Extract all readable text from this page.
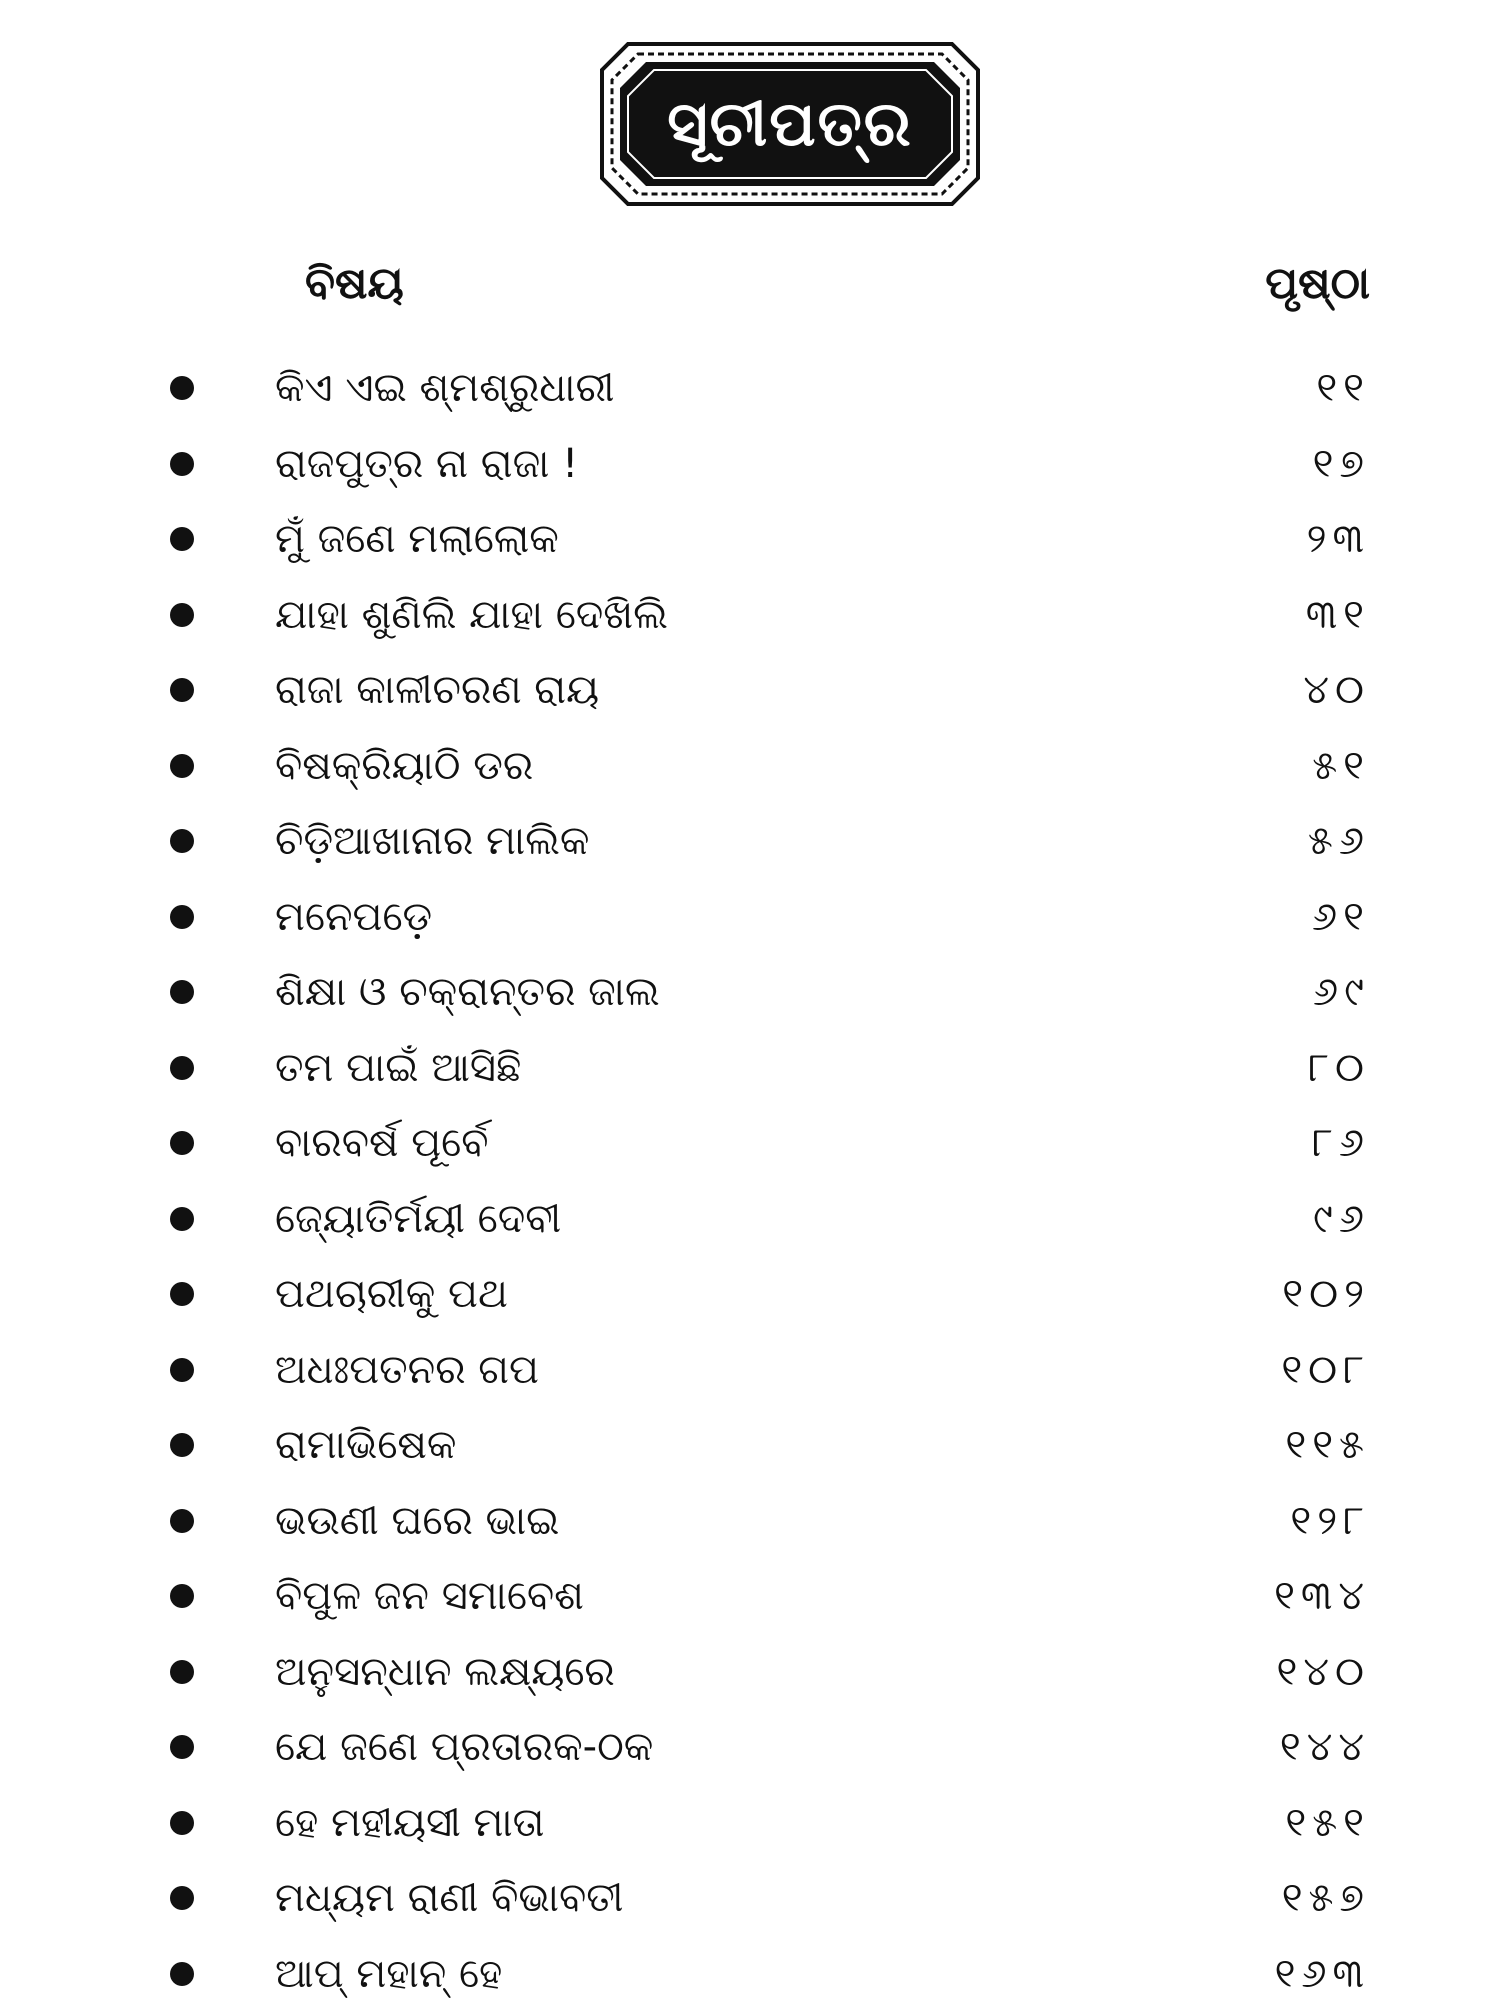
ସୂଚୀପତ୍ର
ବିଷୟ	ପୃଷ୍ଠା
କିଏ ଏଇ ଶ୍ମଶ୍ରୁଧାରୀ	୧୧
ରାଜପୁତ୍ର ନା ରାଜା !	୧୭
ମୁଁ ଜଣେ ମଲାଲୋକ	୨୩
ଯାହା ଶୁଣିଲି ଯାହା ଦେଖିଲି	୩୧
ରାଜା କାଳୀଚରଣ ରାୟ	୪୦
ବିଷକ୍ରିୟାଠି ଡର	୫୧
ଚିଡ଼ିଆଖାନାର ମାଲିକ	୫୬
ମନେପଡ଼େ	୬୧
ଶିକ୍ଷା ଓ ଚକ୍ରାନ୍ତର ଜାଲ	୬୯
ତମ ପାଇଁ ଆସିଛି	୮୦
ବାରବର୍ଷ ପୂର୍ବେ	୮୬
ଜ୍ୟୋତିର୍ମୟୀ ଦେବୀ	୯୬
ପଥଚାରୀକୁ ପଥ	୧୦୨
ଅଧଃପତନର ଗପ	୧୦୮
ରାମାଭିଷେକ	୧୧୫
ଭଉଣୀ ଘରେ ଭାଇ	୧୨୮
ବିପୁଳ ଜନ ସମାବେଶ	୧୩୪
ଅନୁସନ୍ଧାନ ଲକ୍ଷ୍ୟରେ	୧୪୦
ଯେ ଜଣେ ପ୍ରତାରକ-ଠକ	୧୪୪
ହେ ମହୀୟସୀ ମାତା	୧୫୧
ମଧ୍ୟମ ରାଣୀ ବିଭାବତୀ	୧୫୭
ଆପ୍ ମହାନ୍ ହେ	୧୬୩
